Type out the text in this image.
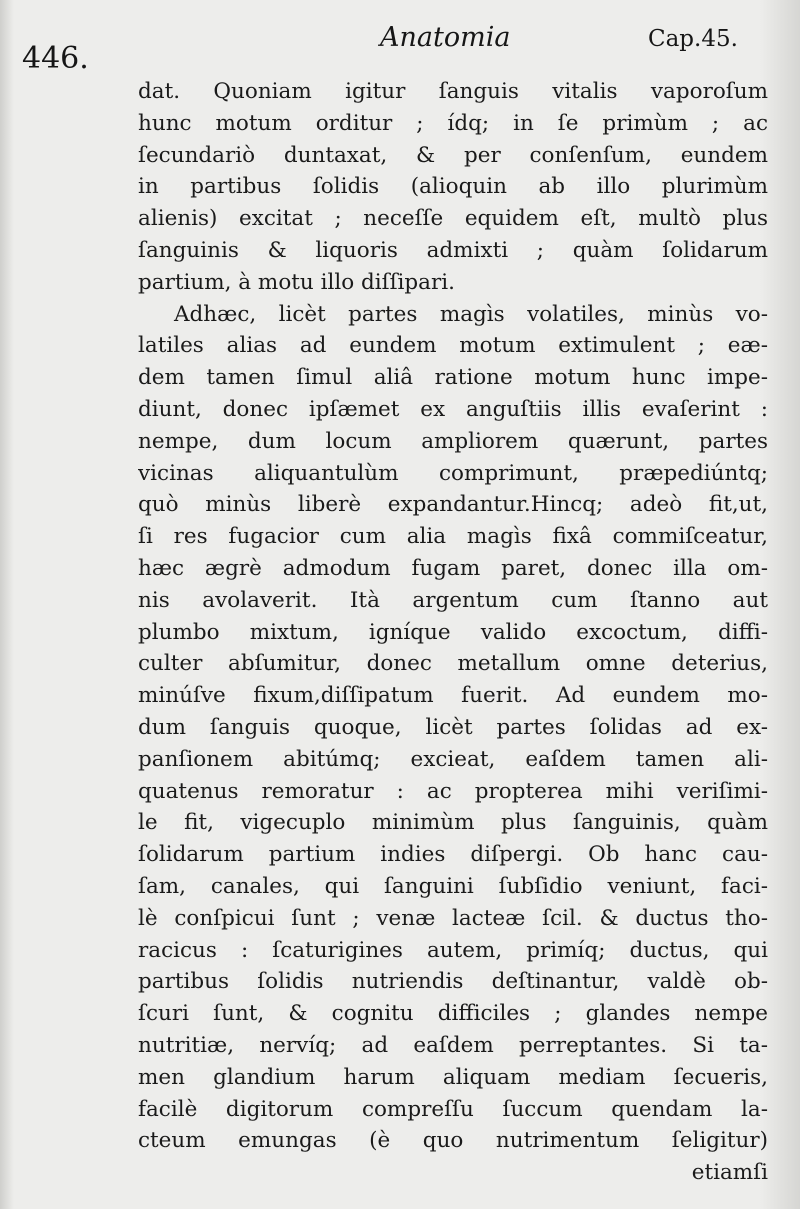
446.

Anatomia	Cap.45.

dat. Quoniam igitur ſanguis vitalis vaporoſum
hunc motum orditur ; ídq; in ſe primùm ; ac
ſecundariò duntaxat, & per conſenſum, eundem
in partibus ſolidis (alioquin ab illo plurimùm
alienis) excitat ; neceſſe equidem eſt, multò plus
ſanguinis & liquoris admixti ; quàm ſolidarum
partium, à motu illo diſſipari.
Adhæc, licèt partes magìs volatiles, minùs vo-
latiles alias ad eundem motum extimulent ; eæ-
dem tamen ſimul aliâ ratione motum hunc impe-
diunt, donec ipſæmet ex anguſtiis illis evaſerint :
nempe, dum locum ampliorem quærunt, partes
vicinas aliquantulùm comprimunt, præpediúntq;
quò minùs liberè expandantur.Hincq; adeò fit,ut,
ſi res fugacior cum alia magìs fixâ commiſceatur,
hæc ægrè admodum fugam paret, donec illa om-
nis avolaverit. Ità argentum cum ſtanno aut
plumbo mixtum, igníque valido excoctum, diffi-
culter abſumitur, donec metallum omne deterius,
minúſve fixum,diſſipatum fuerit. Ad eundem mo-
dum ſanguis quoque, licèt partes ſolidas ad ex-
panſionem abitúmq; excieat, eaſdem tamen ali-
quatenus remoratur : ac propterea mihi veriſimi-
le fit, vigecuplo minimùm plus ſanguinis, quàm
ſolidarum partium indies diſpergi. Ob hanc cau-
ſam, canales, qui ſanguini ſubſidio veniunt, faci-
lè conſpicui ſunt ; venæ lacteæ ſcil. & ductus tho-
racicus : ſcaturigines autem, primíq; ductus, qui
partibus ſolidis nutriendis deſtinantur, valdè ob-
ſcuri ſunt, & cognitu difficiles ; glandes nempe
nutritiæ, nervíq; ad eaſdem perreptantes. Si ta-
men glandium harum aliquam mediam ſecueris,
facilè digitorum compreſſu ſuccum quendam la-
cteum emungas (è quo nutrimentum ſeligitur)
etiamſi
